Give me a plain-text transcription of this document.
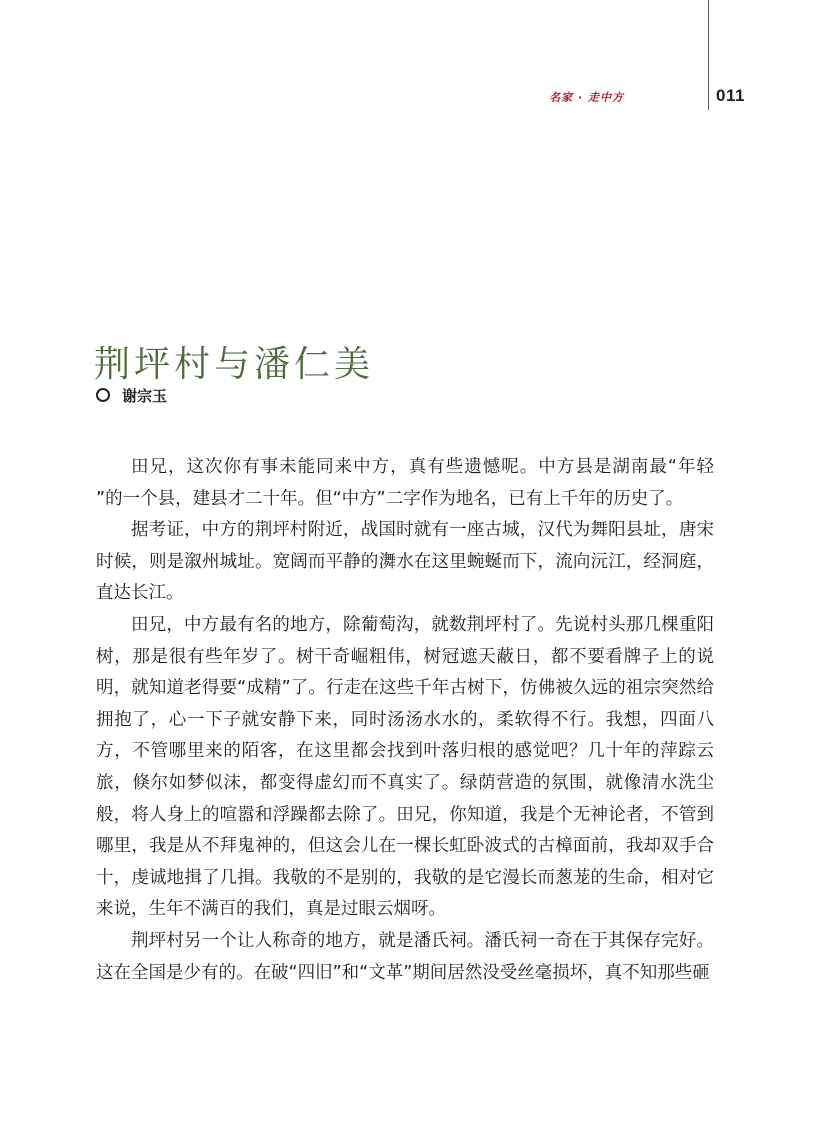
名家 · 走中方	011
荆坪村与潘仁美
谢宗玉

田兄，这次你有事未能同来中方，真有些遗憾呢。中方县是湖南最“年轻 ”的一个县，建县才二十年。但“中方”二字作为地名，已有上千年的历史了。

据考证，中方的荆坪村附近，战国时就有一座古城，汉代为舞阳县址，唐宋时候，则是溆州城址。宽阔而平静的㵲水在这里蜿蜒而下，流向沅江，经洞庭，直达长江。

田兄，中方最有名的地方，除葡萄沟，就数荆坪村了。先说村头那几棵重阳树，那是很有些年岁了。树干奇崛粗伟，树冠遮天蔽日，都不要看牌子上的说明，就知道老得要“成精”了。行走在这些千年古树下，仿佛被久远的祖宗突然给拥抱了，心一下子就安静下来，同时汤汤水水的，柔软得不行。我想，四面八方，不管哪里来的陌客，在这里都会找到叶落归根的感觉吧？几十年的萍踪云旅，倏尔如梦似沫，都变得虚幻而不真实了。绿荫营造的氛围，就像清水洗尘般，将人身上的喧嚣和浮躁都去除了。田兄，你知道，我是个无神论者，不管到哪里，我是从不拜鬼神的，但这会儿在一棵长虹卧波式的古樟面前，我却双手合十，虔诚地揖了几揖。我敬的不是别的，我敬的是它漫长而葱茏的生命，相对它来说，生年不满百的我们，真是过眼云烟呀。

荆坪村另一个让人称奇的地方，就是潘氏祠。潘氏祠一奇在于其保存完好。这在全国是少有的。在破“四旧”和“文革”期间居然没受丝毫损坏，真不知那些砸
